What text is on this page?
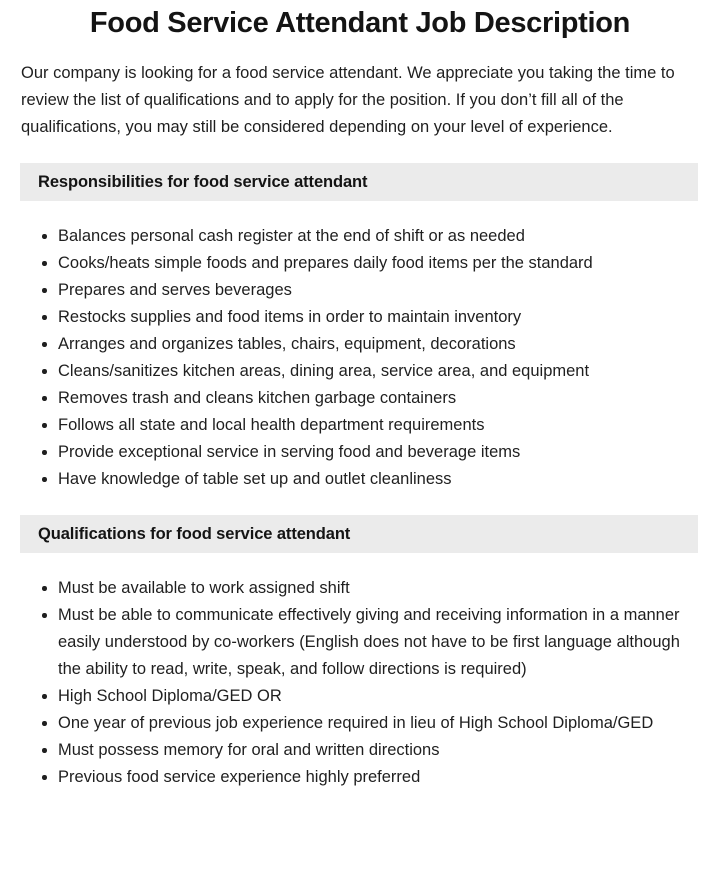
Food Service Attendant Job Description

Our company is looking for a food service attendant. We appreciate you taking the time to review the list of qualifications and to apply for the position. If you don’t fill all of the qualifications, you may still be considered depending on your level of experience.

Responsibilities for food service attendant
Balances personal cash register at the end of shift or as needed
Cooks/heats simple foods and prepares daily food items per the standard
Prepares and serves beverages
Restocks supplies and food items in order to maintain inventory
Arranges and organizes tables, chairs, equipment, decorations
Cleans/sanitizes kitchen areas, dining area, service area, and equipment
Removes trash and cleans kitchen garbage containers
Follows all state and local health department requirements
Provide exceptional service in serving food and beverage items
Have knowledge of table set up and outlet cleanliness
Qualifications for food service attendant
Must be available to work assigned shift
Must be able to communicate effectively giving and receiving information in a manner easily understood by co-workers (English does not have to be first language although the ability to read, write, speak, and follow directions is required)
High School Diploma/GED OR
One year of previous job experience required in lieu of High School Diploma/GED
Must possess memory for oral and written directions
Previous food service experience highly preferred
